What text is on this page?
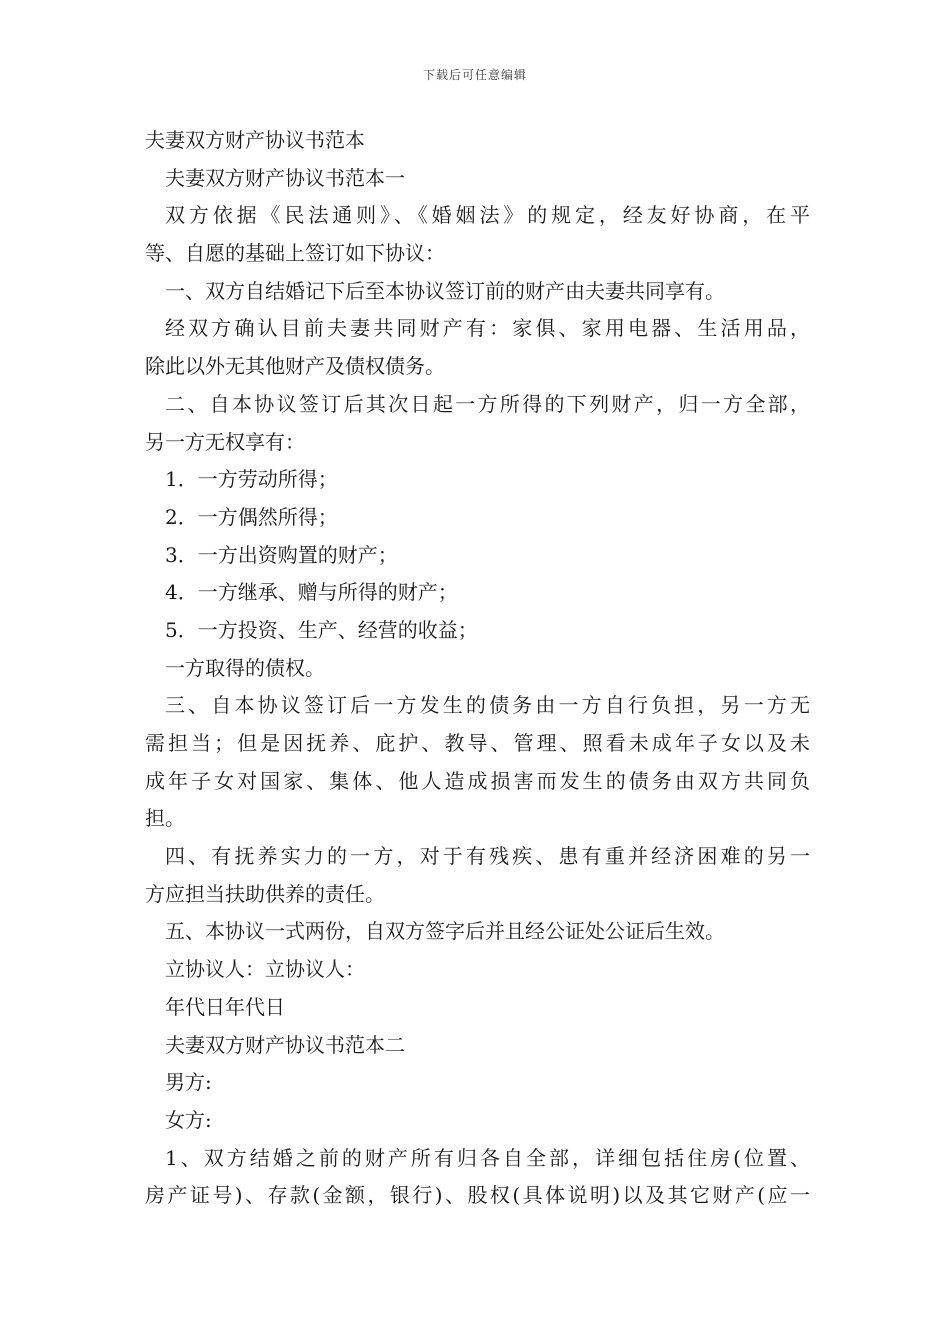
下载后可任意编辑
夫妻双方财产协议书范本
夫妻双方财产协议书范本一
双方依据《民法通则》、《婚姻法》的规定，经友好协商，在平
等、自愿的基础上签订如下协议：
一、双方自结婚记下后至本协议签订前的财产由夫妻共同享有。
经双方确认目前夫妻共同财产有：家俱、家用电器、生活用品，
除此以外无其他财产及债权债务。
二、自本协议签订后其次日起一方所得的下列财产，归一方全部，
另一方无权享有：
1．一方劳动所得；
2．一方偶然所得；
3．一方出资购置的财产；
4．一方继承、赠与所得的财产；
5．一方投资、生产、经营的收益；
一方取得的债权。
三、自本协议签订后一方发生的债务由一方自行负担，另一方无
需担当；但是因抚养、庇护、教导、管理、照看未成年子女以及未
成年子女对国家、集体、他人造成损害而发生的债务由双方共同负
担。
四、有抚养实力的一方，对于有残疾、患有重并经济困难的另一
方应担当扶助供养的责任。
五、本协议一式两份，自双方签字后并且经公证处公证后生效。
立协议人：立协议人：
年代日年代日
夫妻双方财产协议书范本二
男方:
女方:
1、双方结婚之前的财产所有归各自全部，详细包括住房(位置、
房产证号)、存款(金额，银行)、股权(具体说明)以及其它财产(应一
